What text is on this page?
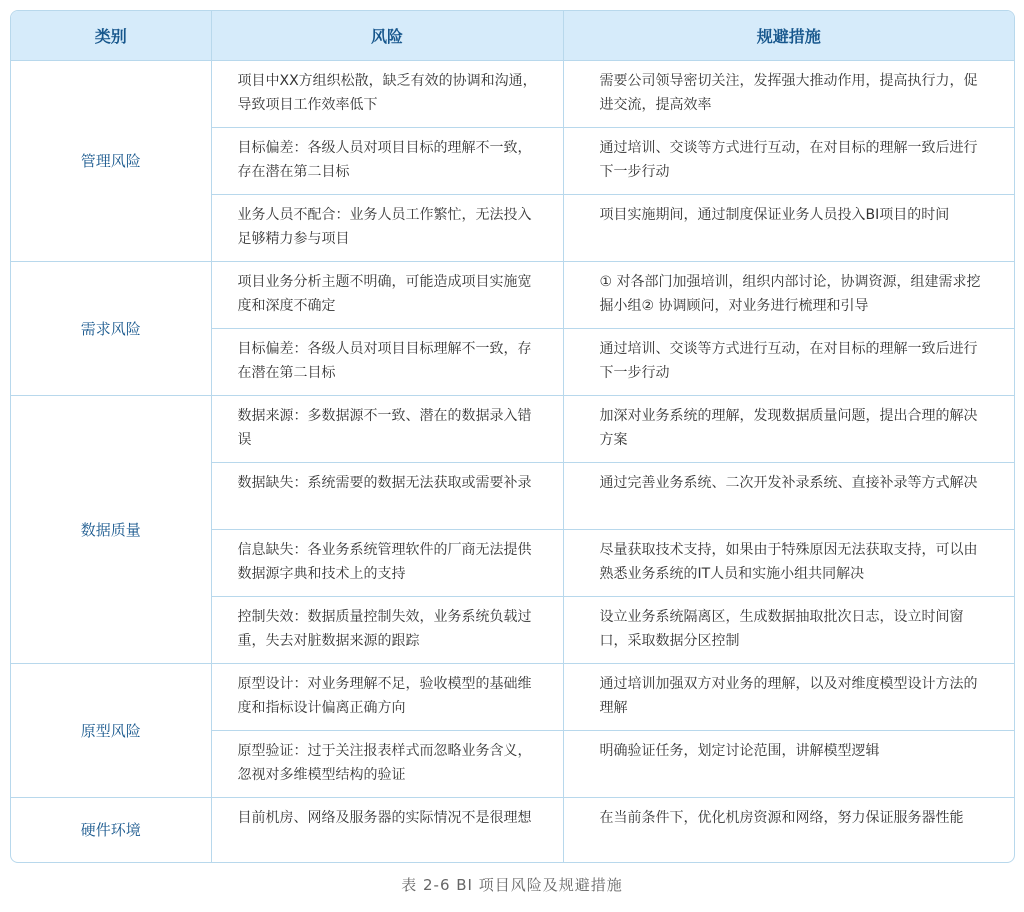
类别	风险	规避措施
管理风险	项目中XX方组织松散，缺乏有效的协调和沟通，导致项目工作效率低下	需要公司领导密切关注，发挥强大推动作用，提高执行力，促进交流，提高效率
	目标偏差：各级人员对项目目标的理解不一致，存在潜在第二目标	通过培训、交谈等方式进行互动，在对目标的理解一致后进行下一步行动
	业务人员不配合：业务人员工作繁忙，无法投入足够精力参与项目	项目实施期间，通过制度保证业务人员投入BI项目的时间
需求风险	项目业务分析主题不明确，可能造成项目实施宽度和深度不确定	① 对各部门加强培训，组织内部讨论，协调资源，组建需求挖掘小组② 协调顾问，对业务进行梳理和引导
	目标偏差：各级人员对项目目标理解不一致，存在潜在第二目标	通过培训、交谈等方式进行互动，在对目标的理解一致后进行下一步行动
数据质量	数据来源：多数据源不一致、潜在的数据录入错误	加深对业务系统的理解，发现数据质量问题，提出合理的解决方案
	数据缺失：系统需要的数据无法获取或需要补录	通过完善业务系统、二次开发补录系统、直接补录等方式解决
	信息缺失：各业务系统管理软件的厂商无法提供数据源字典和技术上的支持	尽量获取技术支持，如果由于特殊原因无法获取支持，可以由熟悉业务系统的IT人员和实施小组共同解决
	控制失效：数据质量控制失效，业务系统负载过重，失去对脏数据来源的跟踪	设立业务系统隔离区，生成数据抽取批次日志，设立时间窗口，采取数据分区控制
原型风险	原型设计：对业务理解不足，验收模型的基础维度和指标设计偏离正确方向	通过培训加强双方对业务的理解，以及对维度模型设计方法的理解
	原型验证：过于关注报表样式而忽略业务含义，忽视对多维模型结构的验证	明确验证任务，划定讨论范围，讲解模型逻辑
硬件环境	目前机房、网络及服务器的实际情况不是很理想	在当前条件下，优化机房资源和网络，努力保证服务器性能
表 2-6 BI 项目风险及规避措施
